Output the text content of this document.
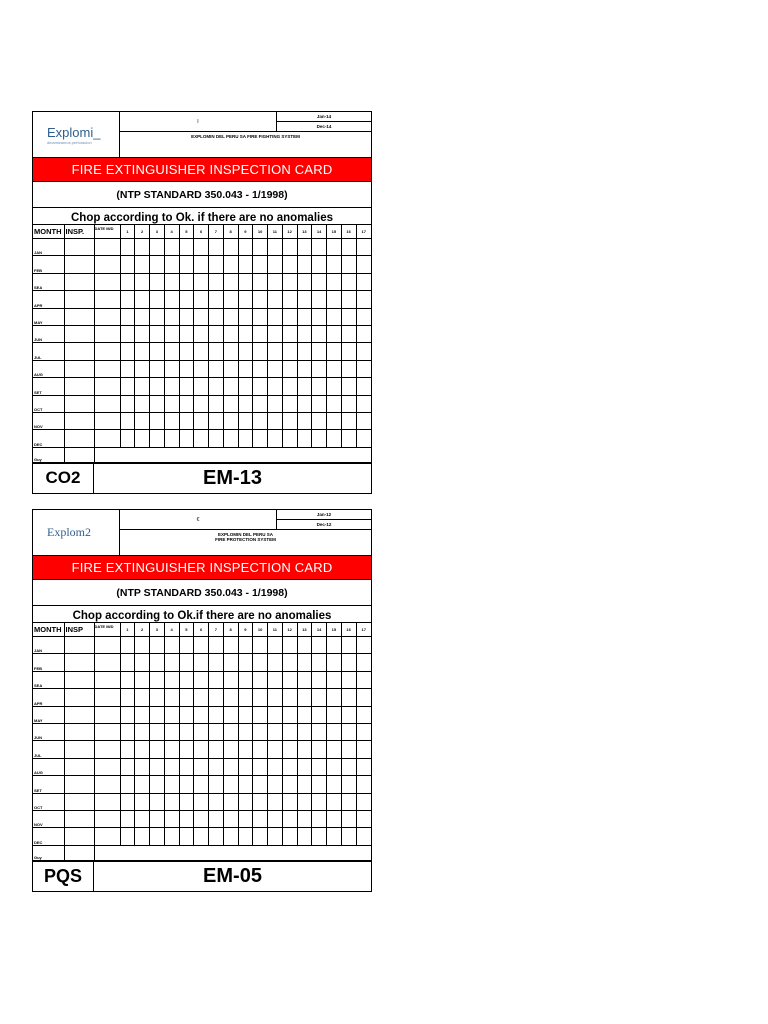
Explomi_
dinamizamos perforacion
I
Jan-14
Dec-14
EXPLOMIN DEL PERU SA FIRE FIGHTING SYSTEM
FIRE EXTINGUISHER INSPECTION CARD
(NTP STANDARD 350.043 - 1/1998)
Chop according to Ok. if there are no anomalies
MONTH	INSP.	DATE M/D	1	2	3	4	5	6	7	8	9	10	11	12	13	14	15	16	17
JAN																			
FEB																			
SEA																			
APR																			
MAY																			
JUN																			
JUL																			
AUG																			
SET																			
OCT																			
NOV																			
DEC																			
Guy																			
CO2	EM-13
Explom2
€
Jan-12
Dec-12
EXPLOMIN DEL PERU SA
FIRE PROTECTION SYSTEM
FIRE EXTINGUISHER INSPECTION CARD
(NTP STANDARD 350.043 - 1/1998)
Chop according to Ok.if there are no anomalies
MONTH	INSP	DATE M/D	1	2	3	4	5	6	7	8	9	10	11	12	13	14	15	16	17
JAN																			
FEB																			
SEA																			
APR																			
MAY																			
JUN																			
JUL																			
AUG																			
SET																			
OCT																			
NOV																			
DEC																			
Guy																			
PQS	EM-05
